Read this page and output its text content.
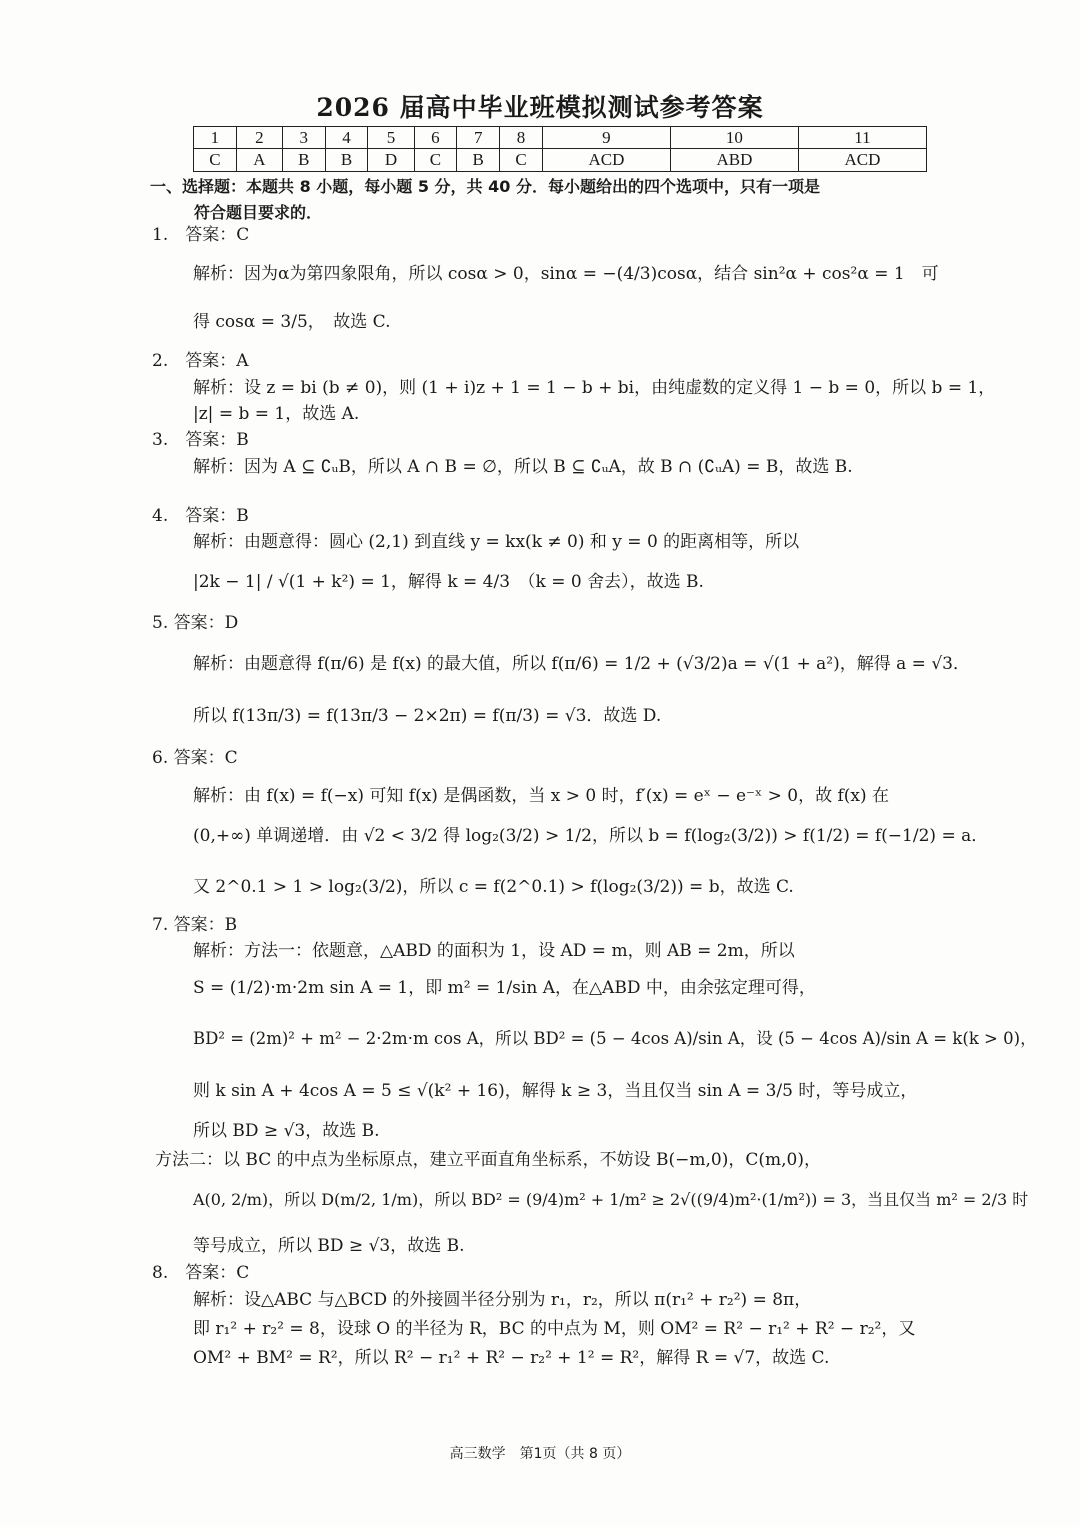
2026 届高中毕业班模拟测试参考答案
1	2	3	4	5	6	7	8	9	10	11
C	A	B	B	D	C	B	C	ACD	ABD	ACD
一、选择题：本题共 8 小题，每小题 5 分，共 40 分．每小题给出的四个选项中，只有一项是
符合题目要求的．
1.　答案：C
解析：因为α为第四象限角，所以 cosα > 0，sinα = −(4/3)cosα，结合 sin²α + cos²α = 1　可
得 cosα = 3/5，　故选 C.
2.　答案：A
解析：设 z = bi (b ≠ 0)，则 (1 + i)z + 1 = 1 − b + bi，由纯虚数的定义得 1 − b = 0，所以 b = 1，
|z| = b = 1，故选 A.
3.　答案：B
解析：因为 A ⊆ ∁ᵤB，所以 A ∩ B = ∅，所以 B ⊆ ∁ᵤA，故 B ∩ (∁ᵤA) = B，故选 B.
4.　答案：B
解析：由题意得：圆心 (2,1) 到直线 y = kx(k ≠ 0) 和 y = 0 的距离相等，所以
|2k − 1| / √(1 + k²) = 1，解得 k = 4/3　（k = 0 舍去），故选 B.
5. 答案：D
解析：由题意得 f(π/6) 是 f(x) 的最大值，所以 f(π/6) = 1/2 + (√3/2)a = √(1 + a²)，解得 a = √3．
所以 f(13π/3) = f(13π/3 − 2×2π) = f(π/3) = √3．故选 D.
6. 答案：C
解析：由 f(x) = f(−x) 可知 f(x) 是偶函数，当 x > 0 时，f′(x) = eˣ − e⁻ˣ > 0，故 f(x) 在
(0,+∞) 单调递增．由 √2 < 3/2 得 log₂(3/2) > 1/2，所以 b = f(log₂(3/2)) > f(1/2) = f(−1/2) = a．
又 2^0.1 > 1 > log₂(3/2)，所以 c = f(2^0.1) > f(log₂(3/2)) = b，故选 C.
7. 答案：B
解析：方法一：依题意，△ABD 的面积为 1，设 AD = m，则 AB = 2m，所以
S = (1/2)·m·2m sin A = 1，即 m² = 1/sin A，在△ABD 中，由余弦定理可得，
BD² = (2m)² + m² − 2·2m·m cos A，所以 BD² = (5 − 4cos A)/sin A，设 (5 − 4cos A)/sin A = k(k > 0)，
则 k sin A + 4cos A = 5 ≤ √(k² + 16)，解得 k ≥ 3，当且仅当 sin A = 3/5 时，等号成立，
所以 BD ≥ √3，故选 B.
方法二：以 BC 的中点为坐标原点，建立平面直角坐标系，不妨设 B(−m,0)，C(m,0)，
A(0, 2/m)，所以 D(m/2, 1/m)，所以 BD² = (9/4)m² + 1/m² ≥ 2√((9/4)m²·(1/m²)) = 3，当且仅当 m² = 2/3 时
等号成立，所以 BD ≥ √3，故选 B.
8.　答案：C
解析：设△ABC 与△BCD 的外接圆半径分别为 r₁，r₂，所以 π(r₁² + r₂²) = 8π，
即 r₁² + r₂² = 8，设球 O 的半径为 R，BC 的中点为 M，则 OM² = R² − r₁² + R² − r₂²，又
OM² + BM² = R²，所以 R² − r₁² + R² − r₂² + 1² = R²，解得 R = √7，故选 C.
高三数学　第1页（共 8 页）
